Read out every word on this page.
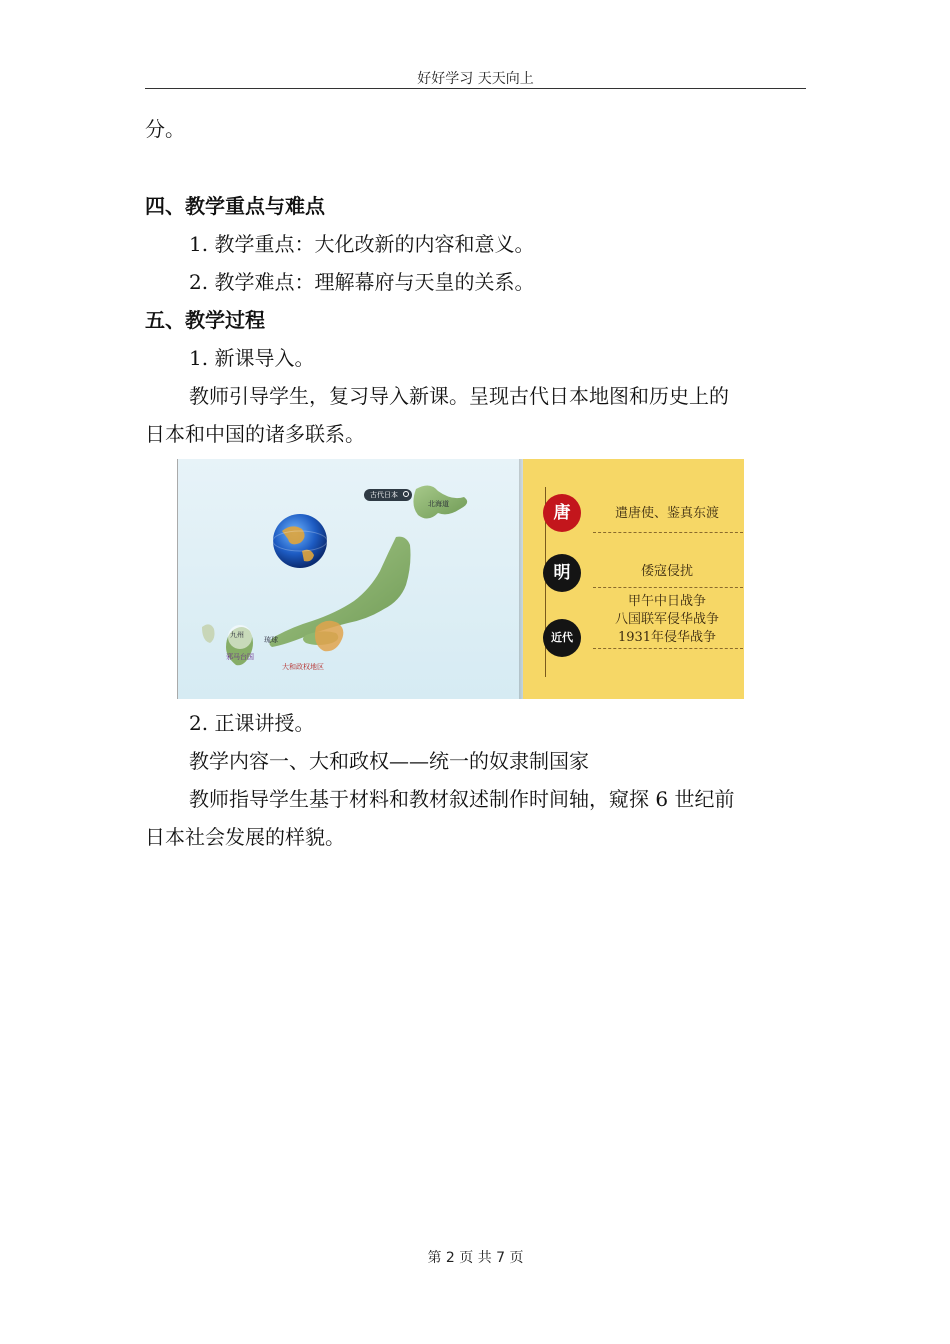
好好学习 天天向上
分。
四、教学重点与难点
1. 教学重点：大化改新的内容和意义。
2. 教学难点：理解幕府与天皇的关系。
五、教学过程
1. 新课导入。
教师引导学生，复习导入新课。呈现古代日本地图和历史上的
日本和中国的诸多联系。
古代日本
北海道
琉球
九州
大和政权地区
邪马台国
唐	遣唐使、鉴真东渡
明	倭寇侵扰
近代
甲午中日战争
八国联军侵华战争
1931年侵华战争
2. 正课讲授。
教学内容一、大和政权——统一的奴隶制国家
教师指导学生基于材料和教材叙述制作时间轴，窥探 6 世纪前
日本社会发展的样貌。
第 2 页 共 7 页
